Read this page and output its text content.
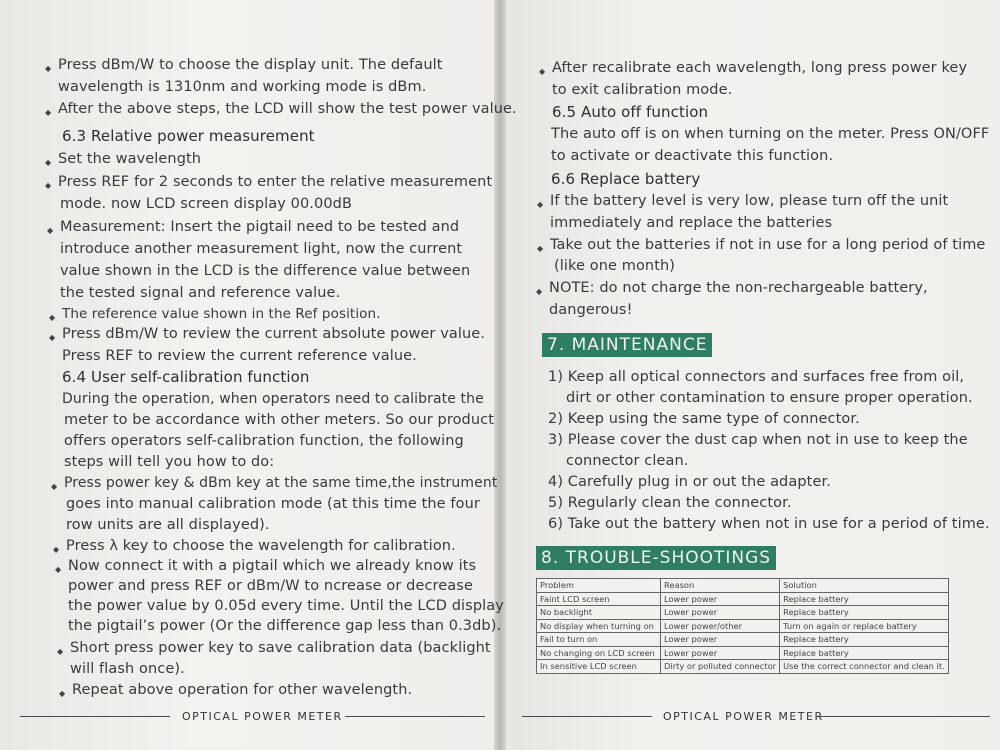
◆ Press dBm/W to choose the display unit. The default
wavelength is 1310nm and working mode is dBm.
◆ After the above steps, the LCD will show the test power value.
6.3 Relative power measurement
◆ Set the wavelength
◆ Press REF for 2 seconds to enter the relative measurement
mode. now LCD screen display 00.00dB
◆ Measurement: Insert the pigtail need to be tested and
introduce another measurement light, now the current
value shown in the LCD is the difference value between
the tested signal and reference value.
◆ The reference value shown in the Ref position.
◆ Press dBm/W to review the current absolute power value.
Press REF to review the current reference value.
6.4 User self-calibration function
During the operation, when operators need to calibrate the
meter to be accordance with other meters. So our product
offers operators self-calibration function, the following
steps will tell you how to do:
◆ Press power key & dBm key at the same time,the instrument
goes into manual calibration mode (at this time the four
row units are all displayed).
◆ Press λ key to choose the wavelength for calibration.
◆ Now connect it with a pigtail which we already know its
power and press REF or dBm/W to ncrease or decrease
the power value by 0.05d every time. Until the LCD display
the pigtail’s power (Or the difference gap less than 0.3db).
◆ Short press power key to save calibration data (backlight
will flash once).
◆ Repeat above operation for other wavelength.
OPTICAL POWER METER
◆ After recalibrate each wavelength, long press power key
to exit calibration mode.
6.5 Auto off function
The auto off is on when turning on the meter. Press ON/OFF
to activate or deactivate this function.
6.6 Replace battery
◆ If the battery level is very low, please turn off the unit
immediately and replace the batteries
◆ Take out the batteries if not in use for a long period of time
(like one month)
◆ NOTE: do not charge the non-rechargeable battery,
dangerous!
7. MAINTENANCE
1) Keep all optical connectors and surfaces free from oil,
dirt or other contamination to ensure proper operation.
2) Keep using the same type of connector.
3) Please cover the dust cap when not in use to keep the
connector clean.
4) Carefully plug in or out the adapter.
5) Regularly clean the connector.
6) Take out the battery when not in use for a period of time.
8. TROUBLE-SHOOTINGS
Problem	Reason	Solution
Faint LCD screen	Lower power	Replace battery
No backlight	Lower power	Replace battery
No display when turning on	Lower power/other	Turn on again or replace battery
Fail to turn on	Lower power	Replace battery
No changing on LCD screen	Lower power	Replace battery
In sensitive LCD screen	Dirty or polluted connector	Use the correct connector and clean it.
OPTICAL POWER METER
